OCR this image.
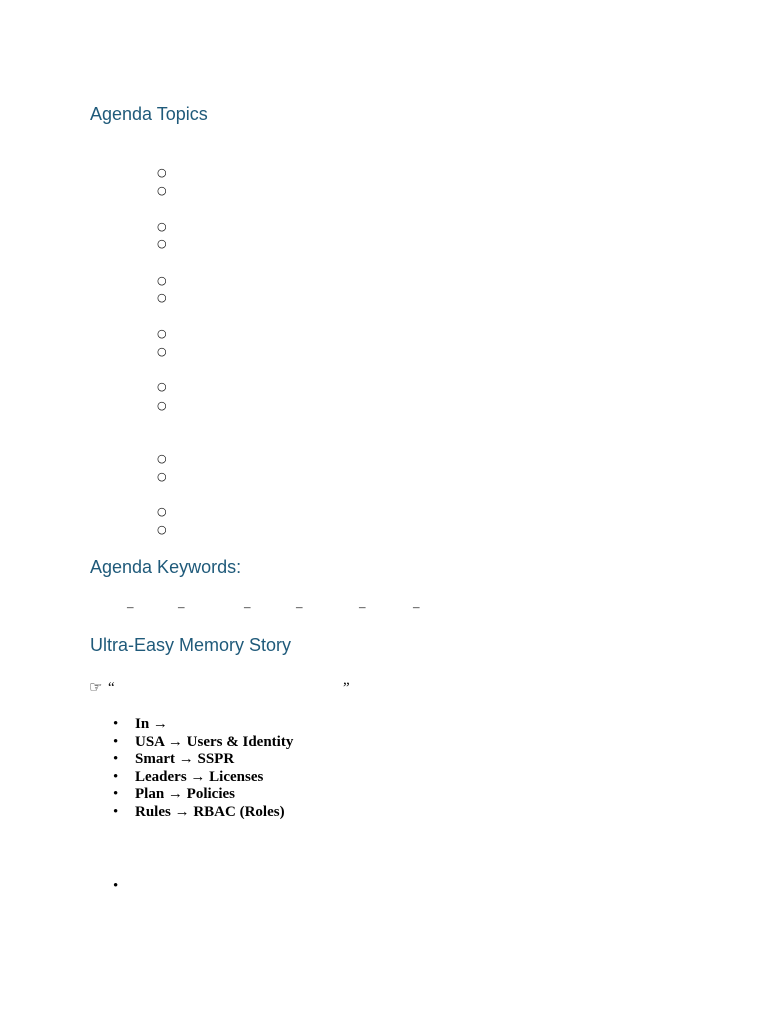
Agenda Topics
○
○
○
○
○
○
○
○
○
○
○
○
○
○
Agenda Keywords:
–	–	–	–	–	–
Ultra-Easy Memory Story
☞ “	”
• In →
• USA → Users & Identity
• Smart → SSPR
• Leaders → Licenses
• Plan → Policies
• Rules → RBAC (Roles)
•
